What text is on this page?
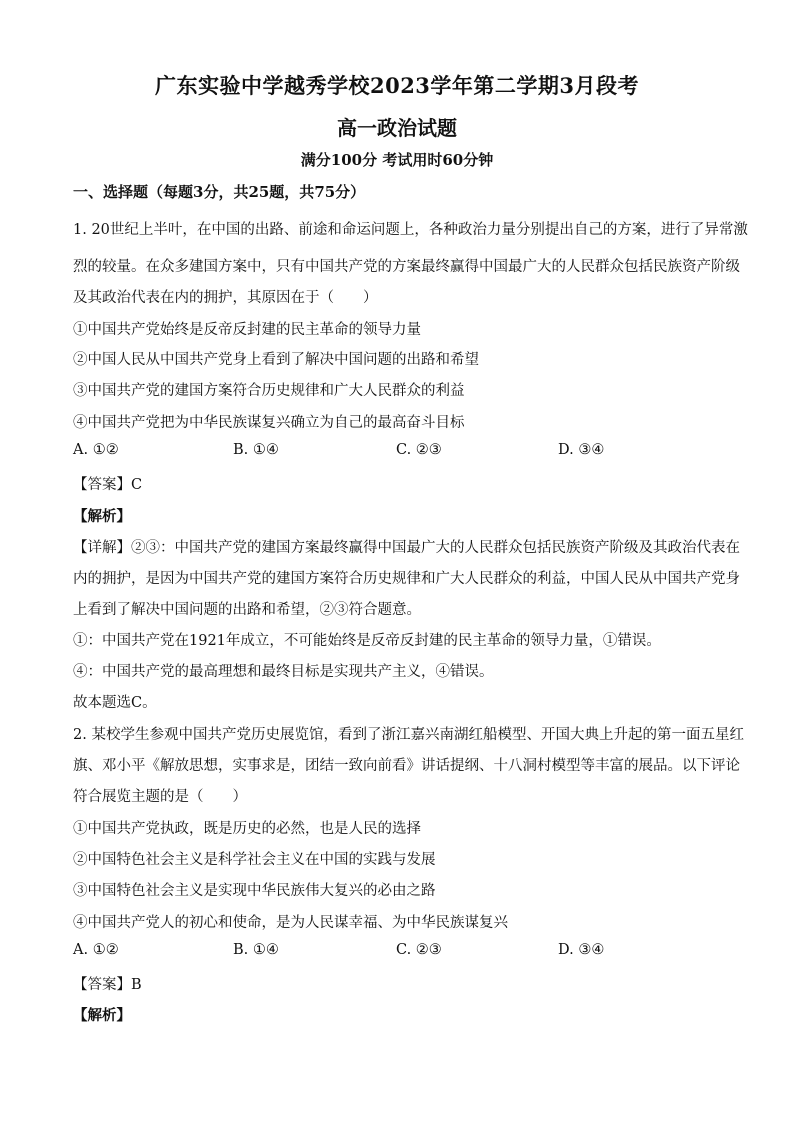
广东实验中学越秀学校2023学年第二学期3月段考
高一政治试题
满分100分 考试用时60分钟
一、选择题（每题3分，共25题，共75分）
1. 20世纪上半叶，在中国的出路、前途和命运问题上，各种政治力量分别提出自己的方案，进行了异常激
烈的较量。在众多建国方案中，只有中国共产党的方案最终赢得中国最广大的人民群众包括民族资产阶级
及其政治代表在内的拥护，其原因在于（　　）
①中国共产党始终是反帝反封建的民主革命的领导力量
②中国人民从中国共产党身上看到了解决中国问题的出路和希望
③中国共产党的建国方案符合历史规律和广大人民群众的利益
④中国共产党把为中华民族谋复兴确立为自己的最高奋斗目标
A. ①②	B. ①④	C. ②③	D. ③④
【答案】C
【解析】
【详解】②③：中国共产党的建国方案最终赢得中国最广大的人民群众包括民族资产阶级及其政治代表在
内的拥护，是因为中国共产党的建国方案符合历史规律和广大人民群众的利益，中国人民从中国共产党身
上看到了解决中国问题的出路和希望，②③符合题意。
①：中国共产党在1921年成立，不可能始终是反帝反封建的民主革命的领导力量，①错误。
④：中国共产党的最高理想和最终目标是实现共产主义，④错误。
故本题选C。
2. 某校学生参观中国共产党历史展览馆，看到了浙江嘉兴南湖红船模型、开国大典上升起的第一面五星红
旗、邓小平《解放思想，实事求是，团结一致向前看》讲话提纲、十八洞村模型等丰富的展品。以下评论
符合展览主题的是（　　）
①中国共产党执政，既是历史的必然，也是人民的选择
②中国特色社会主义是科学社会主义在中国的实践与发展
③中国特色社会主义是实现中华民族伟大复兴的必由之路
④中国共产党人的初心和使命，是为人民谋幸福、为中华民族谋复兴
A. ①②	B. ①④	C. ②③	D. ③④
【答案】B
【解析】
